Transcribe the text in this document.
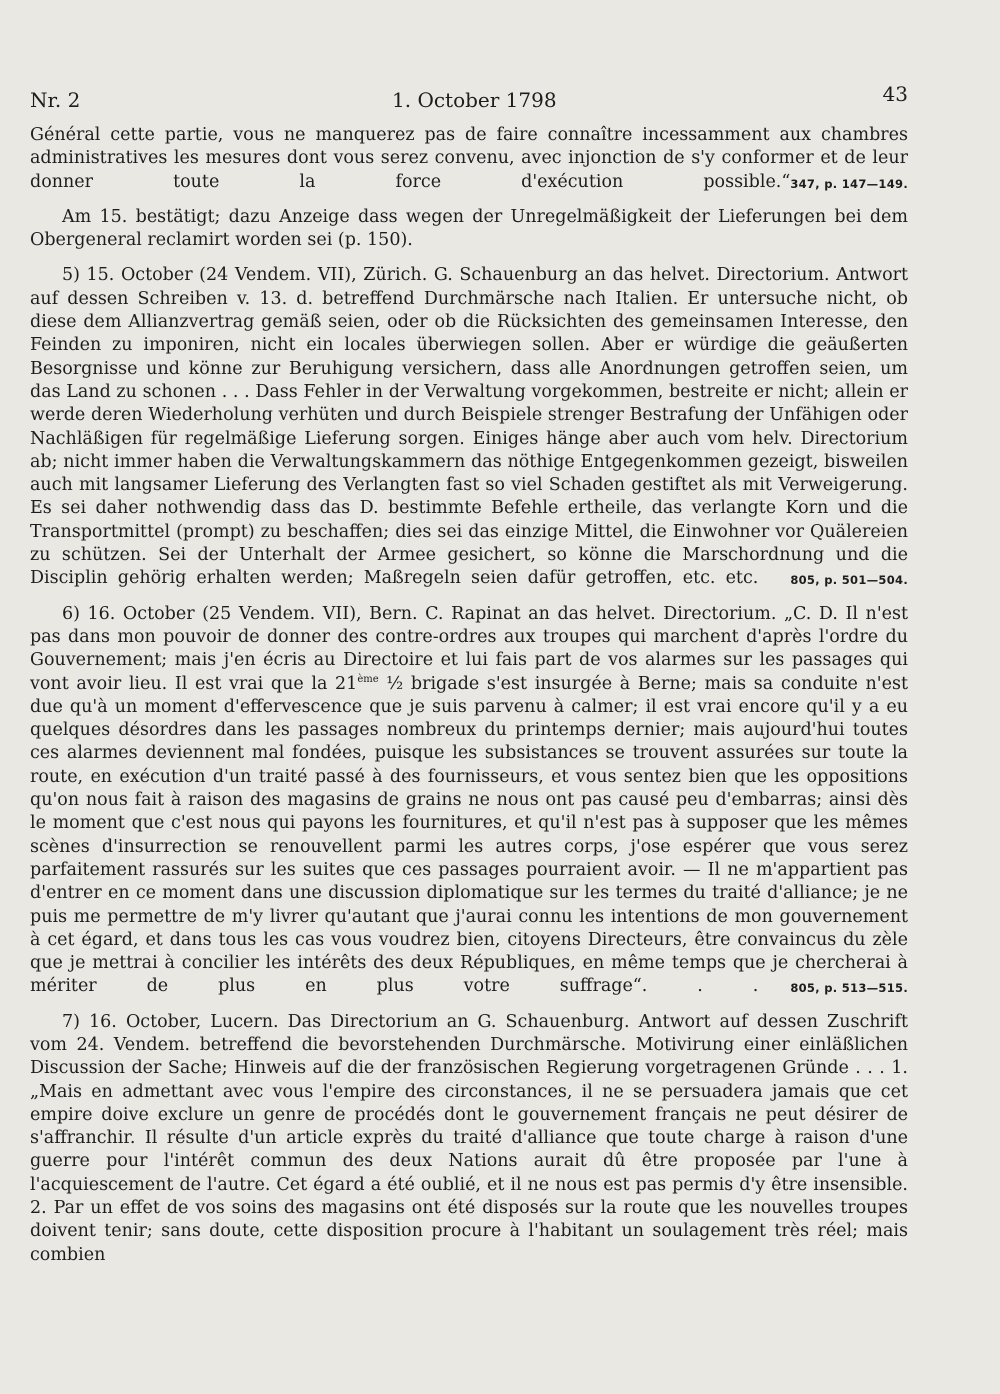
Nr. 2	1. October 1798	43

Général cette partie, vous ne manquerez pas de faire connaître incessamment aux chambres administratives les mesures dont vous serez convenu, avec injonction de s'y conformer et de leur donner toute la force d'exécution possible.“ 347, p. 147—149.

Am 15. bestätigt; dazu Anzeige dass wegen der Unregelmäßigkeit der Lieferungen bei dem Obergeneral reclamirt worden sei (p. 150).

5) 15. October (24 Vendem. VII), Zürich. G. Schauenburg an das helvet. Directorium. Antwort auf dessen Schreiben v. 13. d. betreffend Durchmärsche nach Italien. Er untersuche nicht, ob diese dem Allianzvertrag gemäß seien, oder ob die Rücksichten des gemeinsamen Interesse, den Feinden zu imponiren, nicht ein locales überwiegen sollen. Aber er würdige die geäußerten Besorgnisse und könne zur Beruhigung versichern, dass alle Anordnungen getroffen seien, um das Land zu schonen . . . Dass Fehler in der Verwaltung vorgekommen, bestreite er nicht; allein er werde deren Wiederholung verhüten und durch Beispiele strenger Bestrafung der Unfähigen oder Nachläßigen für regelmäßige Lieferung sorgen. Einiges hänge aber auch vom helv. Directorium ab; nicht immer haben die Verwaltungskammern das nöthige Entgegenkommen gezeigt, bisweilen auch mit langsamer Lieferung des Verlangten fast so viel Schaden gestiftet als mit Verweigerung. Es sei daher nothwendig dass das D. bestimmte Befehle ertheile, das verlangte Korn und die Transportmittel (prompt) zu beschaffen; dies sei das einzige Mittel, die Einwohner vor Quälereien zu schützen. Sei der Unterhalt der Armee gesichert, so könne die Marschordnung und die Disciplin gehörig erhalten werden; Maßregeln seien dafür getroffen, etc. etc.	805, p. 501—504.

6) 16. October (25 Vendem. VII), Bern. C. Rapinat an das helvet. Directorium. „C. D. Il n'est pas dans mon pouvoir de donner des contre-ordres aux troupes qui marchent d'après l'ordre du Gouvernement; mais j'en écris au Directoire et lui fais part de vos alarmes sur les passages qui vont avoir lieu. Il est vrai que la 21ème ½ brigade s'est insurgée à Berne; mais sa conduite n'est due qu'à un moment d'effervescence que je suis parvenu à calmer; il est vrai encore qu'il y a eu quelques désordres dans les passages nombreux du printemps dernier; mais aujourd'hui toutes ces alarmes deviennent mal fondées, puisque les subsistances se trouvent assurées sur toute la route, en exécution d'un traité passé à des fournisseurs, et vous sentez bien que les oppositions qu'on nous fait à raison des magasins de grains ne nous ont pas causé peu d'embarras; ainsi dès le moment que c'est nous qui payons les fournitures, et qu'il n'est pas à supposer que les mêmes scènes d'insurrection se renouvellent parmi les autres corps, j'ose espérer que vous serez parfaitement rassurés sur les suites que ces passages pourraient avoir. — Il ne m'appartient pas d'entrer en ce moment dans une discussion diplomatique sur les termes du traité d'alliance; je ne puis me permettre de m'y livrer qu'autant que j'aurai connu les intentions de mon gouvernement à cet égard, et dans tous les cas vous voudrez bien, citoyens Directeurs, être convaincus du zèle que je mettrai à concilier les intérêts des deux Républiques, en même temps que je chercherai à mériter de plus en plus votre suffrage“. . .	805, p. 513—515.

7) 16. October, Lucern. Das Directorium an G. Schauenburg. Antwort auf dessen Zuschrift vom 24. Vendem. betreffend die bevorstehenden Durchmärsche. Motivirung einer einläßlichen Discussion der Sache; Hinweis auf die der französischen Regierung vorgetragenen Gründe . . . 1. „Mais en admettant avec vous l'empire des circonstances, il ne se persuadera jamais que cet empire doive exclure un genre de procédés dont le gouvernement français ne peut désirer de s'affranchir. Il résulte d'un article exprès du traité d'alliance que toute charge à raison d'une guerre pour l'intérêt commun des deux Nations aurait dû être proposée par l'une à l'acquiescement de l'autre. Cet égard a été oublié, et il ne nous est pas permis d'y être insensible. 2. Par un effet de vos soins des magasins ont été disposés sur la route que les nouvelles troupes doivent tenir; sans doute, cette disposition procure à l'habitant un soulagement très réel; mais combien
